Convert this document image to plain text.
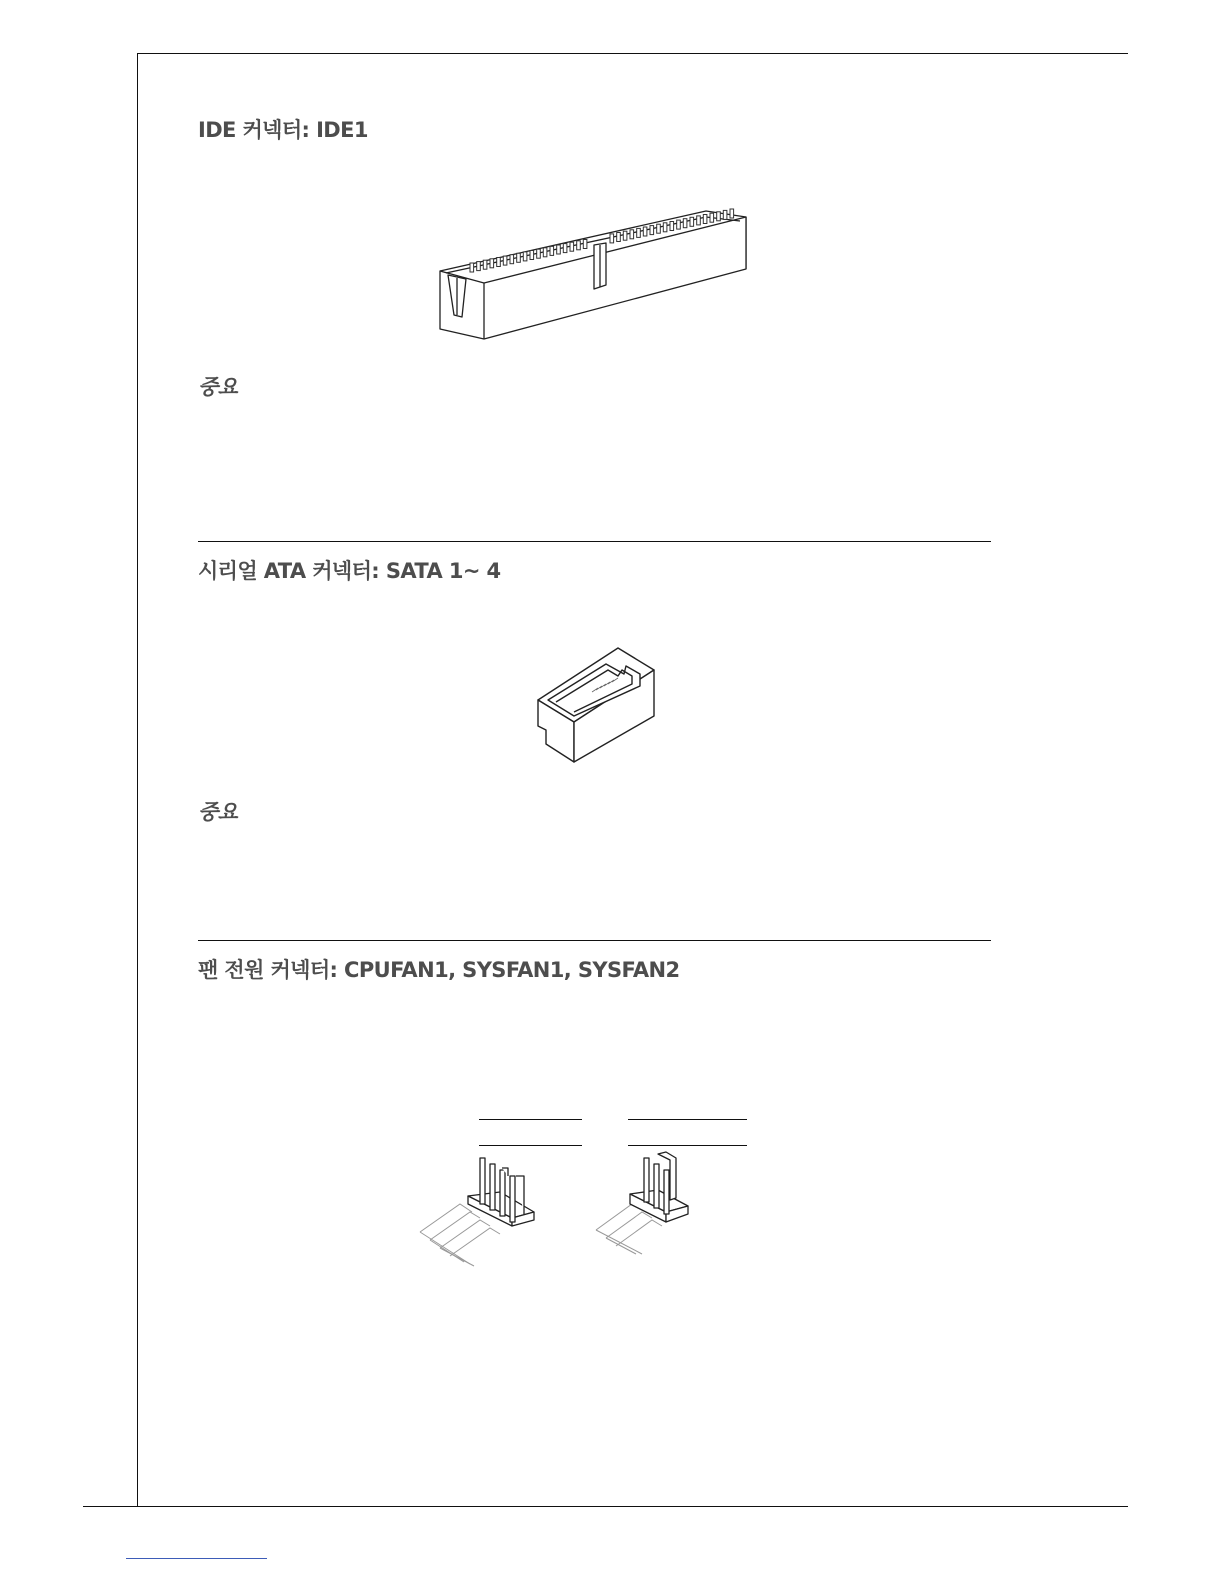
IDE 커넥터: IDE1
중요
시리얼 ATA 커넥터: SATA 1~ 4
중요
팬 전원 커넥터: CPUFAN1, SYSFAN1, SYSFAN2
